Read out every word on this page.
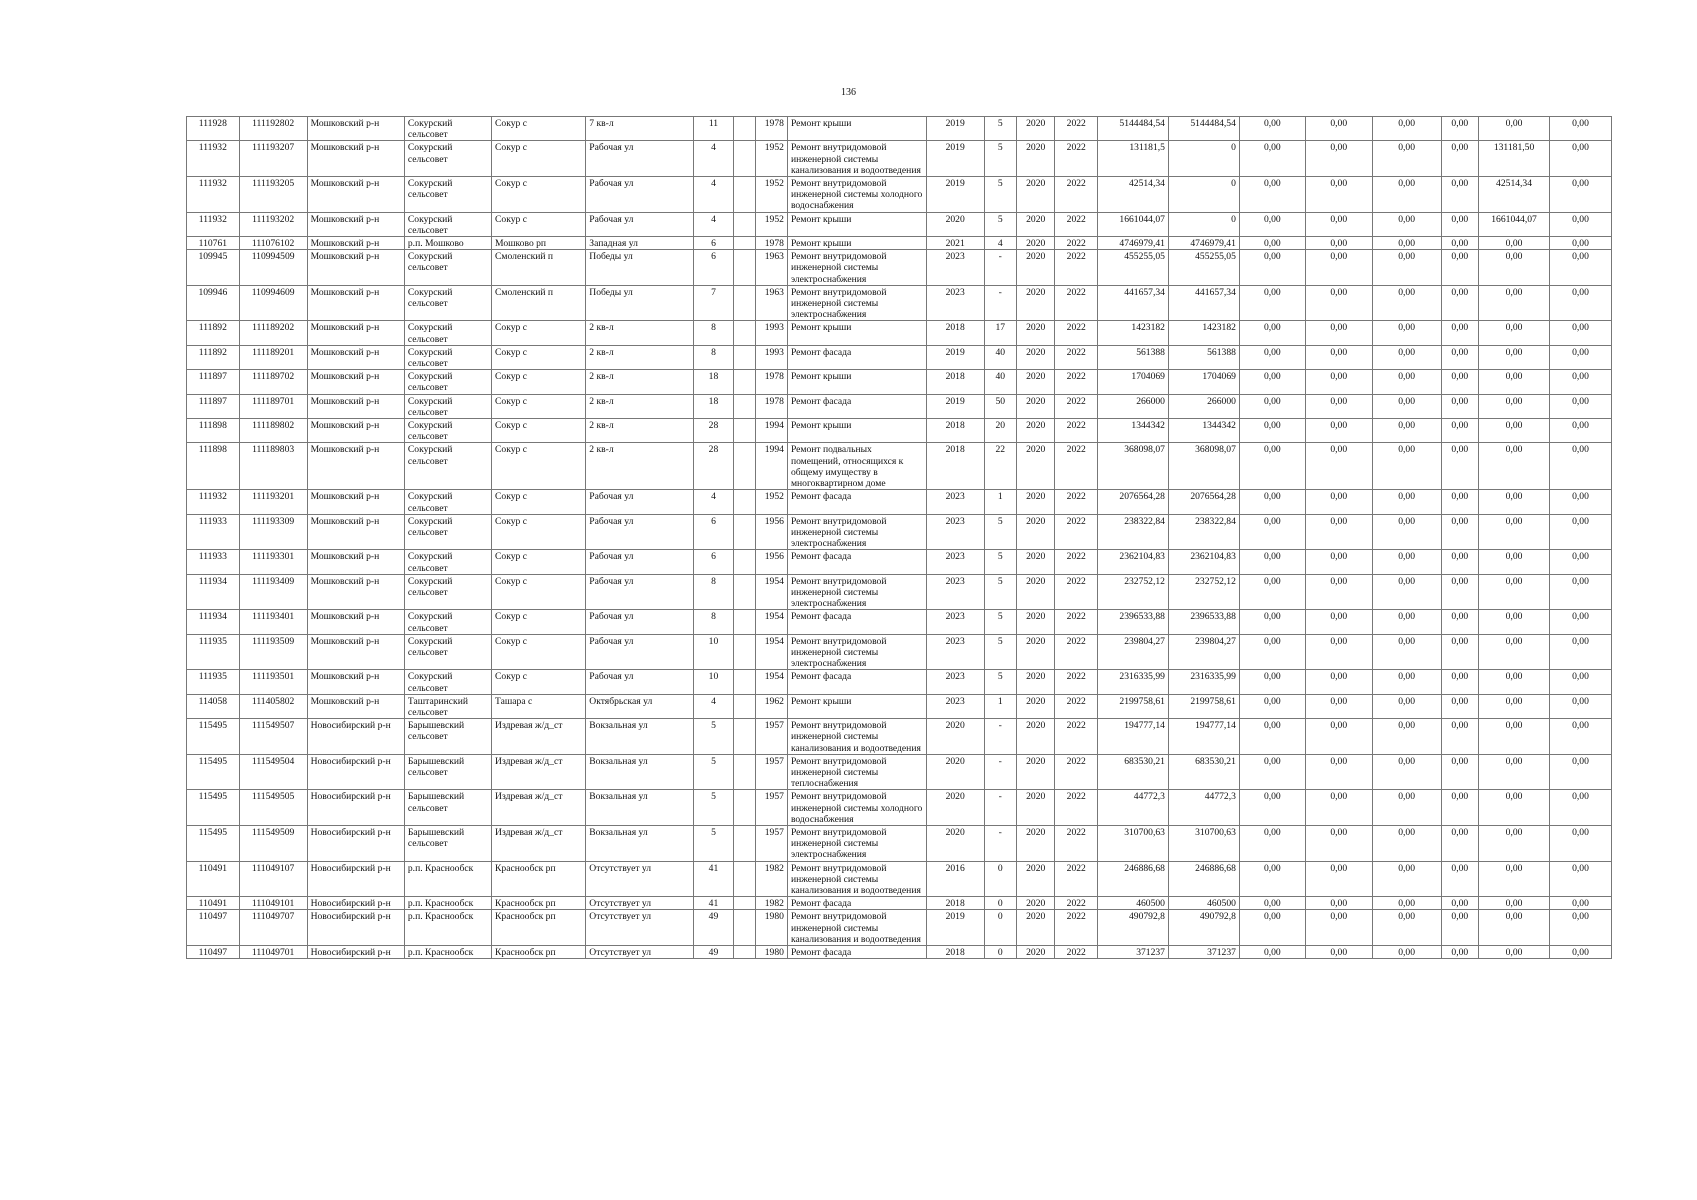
136
111928	111192802	Мошковский р-н	Сокурский сельсовет	Сокур с	7 кв-л	11		1978	Ремонт крыши	2019	5	2020	2022	5144484,54	5144484,54	0,00	0,00	0,00	0,00	0,00	0,00
111932	111193207	Мошковский р-н	Сокурский сельсовет	Сокур с	Рабочая ул	4		1952	Ремонт внутридомовой инженерной системы канализования и водоотведения	2019	5	2020	2022	131181,5	0	0,00	0,00	0,00	0,00	131181,50	0,00
111932	111193205	Мошковский р-н	Сокурский сельсовет	Сокур с	Рабочая ул	4		1952	Ремонт внутридомовой инженерной системы холодного водоснабжения	2019	5	2020	2022	42514,34	0	0,00	0,00	0,00	0,00	42514,34	0,00
111932	111193202	Мошковский р-н	Сокурский сельсовет	Сокур с	Рабочая ул	4		1952	Ремонт крыши	2020	5	2020	2022	1661044,07	0	0,00	0,00	0,00	0,00	1661044,07	0,00
110761	111076102	Мошковский р-н	р.п. Мошково	Мошково рп	Западная ул	6		1978	Ремонт крыши	2021	4	2020	2022	4746979,41	4746979,41	0,00	0,00	0,00	0,00	0,00	0,00
109945	110994509	Мошковский р-н	Сокурский сельсовет	Смоленский п	Победы ул	6		1963	Ремонт внутридомовой инженерной системы электроснабжения	2023	-	2020	2022	455255,05	455255,05	0,00	0,00	0,00	0,00	0,00	0,00
109946	110994609	Мошковский р-н	Сокурский сельсовет	Смоленский п	Победы ул	7		1963	Ремонт внутридомовой инженерной системы электроснабжения	2023	-	2020	2022	441657,34	441657,34	0,00	0,00	0,00	0,00	0,00	0,00
111892	111189202	Мошковский р-н	Сокурский сельсовет	Сокур с	2 кв-л	8		1993	Ремонт крыши	2018	17	2020	2022	1423182	1423182	0,00	0,00	0,00	0,00	0,00	0,00
111892	111189201	Мошковский р-н	Сокурский сельсовет	Сокур с	2 кв-л	8		1993	Ремонт фасада	2019	40	2020	2022	561388	561388	0,00	0,00	0,00	0,00	0,00	0,00
111897	111189702	Мошковский р-н	Сокурский сельсовет	Сокур с	2 кв-л	18		1978	Ремонт крыши	2018	40	2020	2022	1704069	1704069	0,00	0,00	0,00	0,00	0,00	0,00
111897	111189701	Мошковский р-н	Сокурский сельсовет	Сокур с	2 кв-л	18		1978	Ремонт фасада	2019	50	2020	2022	266000	266000	0,00	0,00	0,00	0,00	0,00	0,00
111898	111189802	Мошковский р-н	Сокурский сельсовет	Сокур с	2 кв-л	28		1994	Ремонт крыши	2018	20	2020	2022	1344342	1344342	0,00	0,00	0,00	0,00	0,00	0,00
111898	111189803	Мошковский р-н	Сокурский сельсовет	Сокур с	2 кв-л	28		1994	Ремонт подвальных помещений, относящихся к общему имуществу в многоквартирном доме	2018	22	2020	2022	368098,07	368098,07	0,00	0,00	0,00	0,00	0,00	0,00
111932	111193201	Мошковский р-н	Сокурский сельсовет	Сокур с	Рабочая ул	4		1952	Ремонт фасада	2023	1	2020	2022	2076564,28	2076564,28	0,00	0,00	0,00	0,00	0,00	0,00
111933	111193309	Мошковский р-н	Сокурский сельсовет	Сокур с	Рабочая ул	6		1956	Ремонт внутридомовой инженерной системы электроснабжения	2023	5	2020	2022	238322,84	238322,84	0,00	0,00	0,00	0,00	0,00	0,00
111933	111193301	Мошковский р-н	Сокурский сельсовет	Сокур с	Рабочая ул	6		1956	Ремонт фасада	2023	5	2020	2022	2362104,83	2362104,83	0,00	0,00	0,00	0,00	0,00	0,00
111934	111193409	Мошковский р-н	Сокурский сельсовет	Сокур с	Рабочая ул	8		1954	Ремонт внутридомовой инженерной системы электроснабжения	2023	5	2020	2022	232752,12	232752,12	0,00	0,00	0,00	0,00	0,00	0,00
111934	111193401	Мошковский р-н	Сокурский сельсовет	Сокур с	Рабочая ул	8		1954	Ремонт фасада	2023	5	2020	2022	2396533,88	2396533,88	0,00	0,00	0,00	0,00	0,00	0,00
111935	111193509	Мошковский р-н	Сокурский сельсовет	Сокур с	Рабочая ул	10		1954	Ремонт внутридомовой инженерной системы электроснабжения	2023	5	2020	2022	239804,27	239804,27	0,00	0,00	0,00	0,00	0,00	0,00
111935	111193501	Мошковский р-н	Сокурский сельсовет	Сокур с	Рабочая ул	10		1954	Ремонт фасада	2023	5	2020	2022	2316335,99	2316335,99	0,00	0,00	0,00	0,00	0,00	0,00
114058	111405802	Мошковский р-н	Таштаринский сельсовет	Ташара с	Октябрьская ул	4		1962	Ремонт крыши	2023	1	2020	2022	2199758,61	2199758,61	0,00	0,00	0,00	0,00	0,00	0,00
115495	111549507	Новосибирский р-н	Барышевский сельсовет	Издревая ж/д_ст	Вокзальная ул	5		1957	Ремонт внутридомовой инженерной системы канализования и водоотведения	2020	-	2020	2022	194777,14	194777,14	0,00	0,00	0,00	0,00	0,00	0,00
115495	111549504	Новосибирский р-н	Барышевский сельсовет	Издревая ж/д_ст	Вокзальная ул	5		1957	Ремонт внутридомовой инженерной системы теплоснабжения	2020	-	2020	2022	683530,21	683530,21	0,00	0,00	0,00	0,00	0,00	0,00
115495	111549505	Новосибирский р-н	Барышевский сельсовет	Издревая ж/д_ст	Вокзальная ул	5		1957	Ремонт внутридомовой инженерной системы холодного водоснабжения	2020	-	2020	2022	44772,3	44772,3	0,00	0,00	0,00	0,00	0,00	0,00
115495	111549509	Новосибирский р-н	Барышевский сельсовет	Издревая ж/д_ст	Вокзальная ул	5		1957	Ремонт внутридомовой инженерной системы электроснабжения	2020	-	2020	2022	310700,63	310700,63	0,00	0,00	0,00	0,00	0,00	0,00
110491	111049107	Новосибирский р-н	р.п. Краснообск	Краснообск рп	Отсутствует ул	41		1982	Ремонт внутридомовой инженерной системы канализования и водоотведения	2016	0	2020	2022	246886,68	246886,68	0,00	0,00	0,00	0,00	0,00	0,00
110491	111049101	Новосибирский р-н	р.п. Краснообск	Краснообск рп	Отсутствует ул	41		1982	Ремонт фасада	2018	0	2020	2022	460500	460500	0,00	0,00	0,00	0,00	0,00	0,00
110497	111049707	Новосибирский р-н	р.п. Краснообск	Краснообск рп	Отсутствует ул	49		1980	Ремонт внутридомовой инженерной системы канализования и водоотведения	2019	0	2020	2022	490792,8	490792,8	0,00	0,00	0,00	0,00	0,00	0,00
110497	111049701	Новосибирский р-н	р.п. Краснообск	Краснообск рп	Отсутствует ул	49		1980	Ремонт фасада	2018	0	2020	2022	371237	371237	0,00	0,00	0,00	0,00	0,00	0,00
